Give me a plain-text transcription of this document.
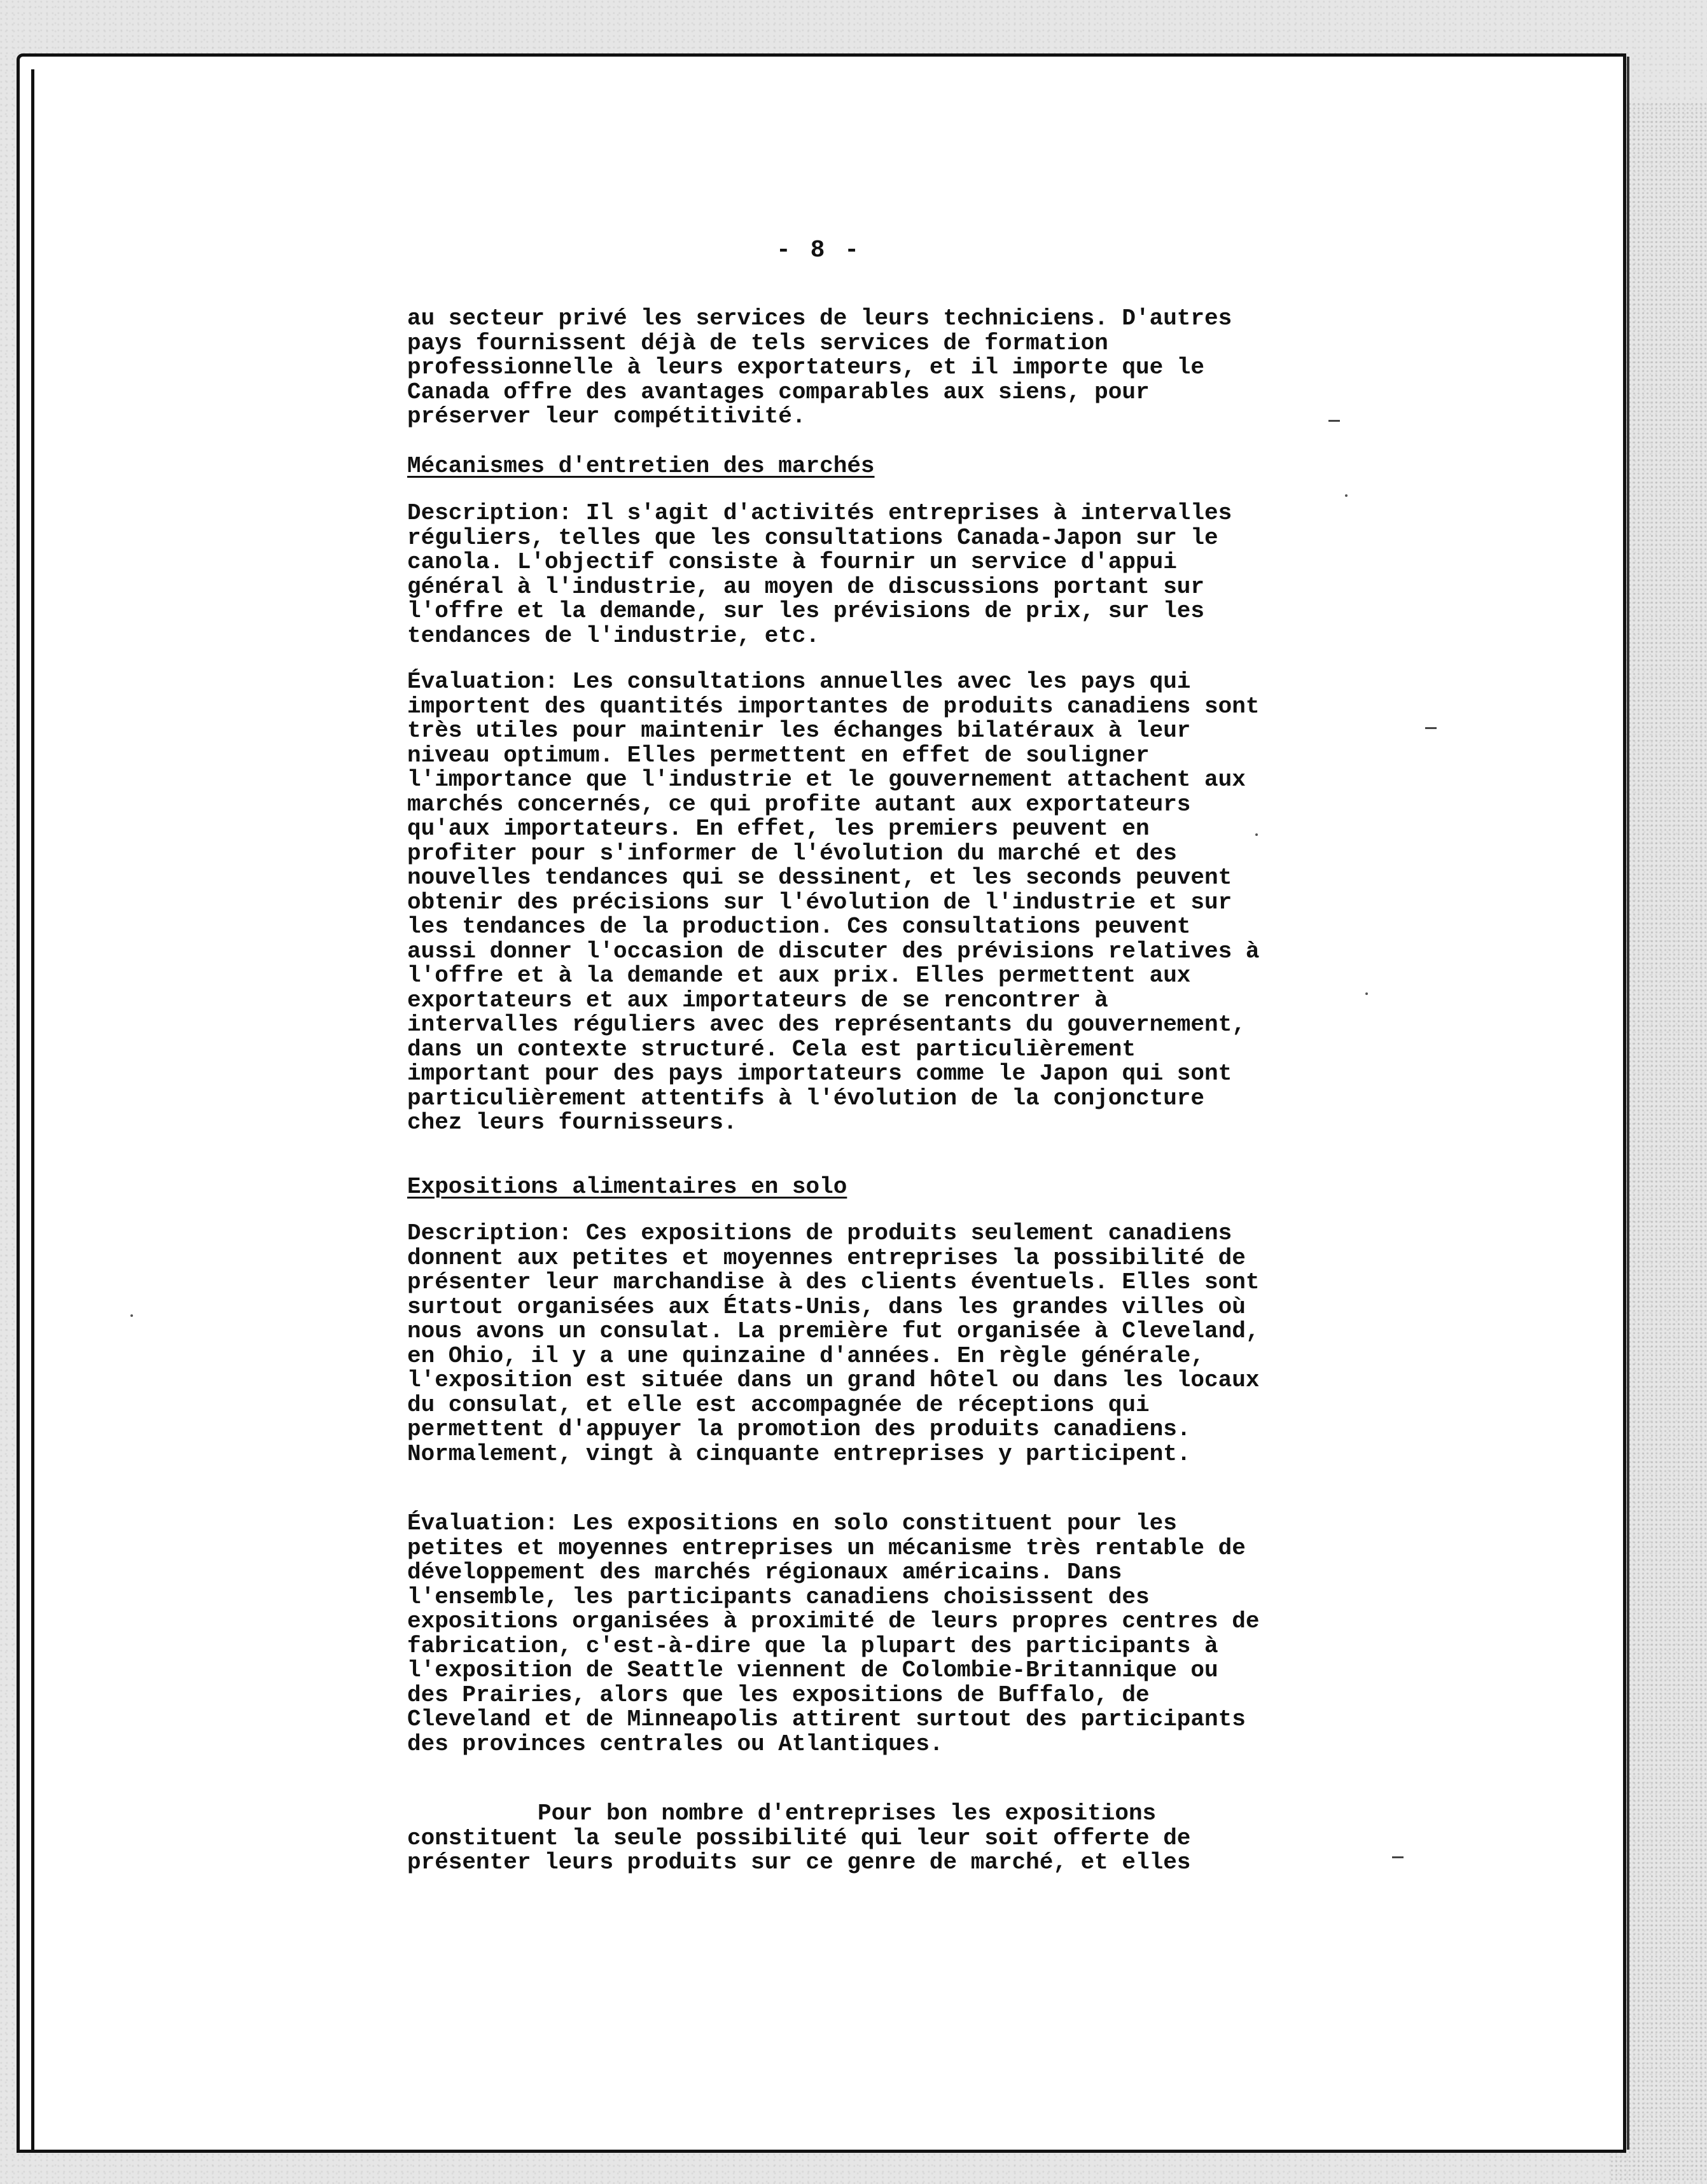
- 8 -

au secteur privé les services de leurs techniciens. D'autres pays fournissent déjà de tels services de formation professionnelle à leurs exportateurs, et il importe que le Canada offre des avantages comparables aux siens, pour préserver leur compétitivité.

Mécanismes d'entretien des marchés

Description: Il s'agit d'activités entreprises à intervalles réguliers, telles que les consultations Canada-Japon sur le canola. L'objectif consiste à fournir un service d'appui général à l'industrie, au moyen de discussions portant sur l'offre et la demande, sur les prévisions de prix, sur les tendances de l'industrie, etc.

Évaluation: Les consultations annuelles avec les pays qui importent des quantités importantes de produits canadiens sont très utiles pour maintenir les échanges bilatéraux à leur niveau optimum. Elles permettent en effet de souligner l'importance que l'industrie et le gouvernement attachent aux marchés concernés, ce qui profite autant aux exportateurs qu'aux importateurs. En effet, les premiers peuvent en profiter pour s'informer de l'évolution du marché et des nouvelles tendances qui se dessinent, et les seconds peuvent obtenir des précisions sur l'évolution de l'industrie et sur les tendances de la production. Ces consultations peuvent aussi donner l'occasion de discuter des prévisions relatives à l'offre et à la demande et aux prix. Elles permettent aux exportateurs et aux importateurs de se rencontrer à intervalles réguliers avec des représentants du gouvernement, dans un contexte structuré. Cela est particulièrement important pour des pays importateurs comme le Japon qui sont particulièrement attentifs à l'évolution de la conjoncture chez leurs fournisseurs.

Expositions alimentaires en solo

Description: Ces expositions de produits seulement canadiens donnent aux petites et moyennes entreprises la possibilité de présenter leur marchandise à des clients éventuels. Elles sont surtout organisées aux États-Unis, dans les grandes villes où nous avons un consulat. La première fut organisée à Cleveland, en Ohio, il y a une quinzaine d'années. En règle générale, l'exposition est située dans un grand hôtel ou dans les locaux du consulat, et elle est accompagnée de réceptions qui permettent d'appuyer la promotion des produits canadiens. Normalement, vingt à cinquante entreprises y participent.

Évaluation: Les expositions en solo constituent pour les petites et moyennes entreprises un mécanisme très rentable de développement des marchés régionaux américains. Dans l'ensemble, les participants canadiens choisissent des expositions organisées à proximité de leurs propres centres de fabrication, c'est-à-dire que la plupart des participants à l'exposition de Seattle viennent de Colombie-Britannique ou des Prairies, alors que les expositions de Buffalo, de Cleveland et de Minneapolis attirent surtout des participants des provinces centrales ou Atlantiques.

Pour bon nombre d'entreprises les expositions constituent la seule possibilité qui leur soit offerte de présenter leurs produits sur ce genre de marché, et elles
